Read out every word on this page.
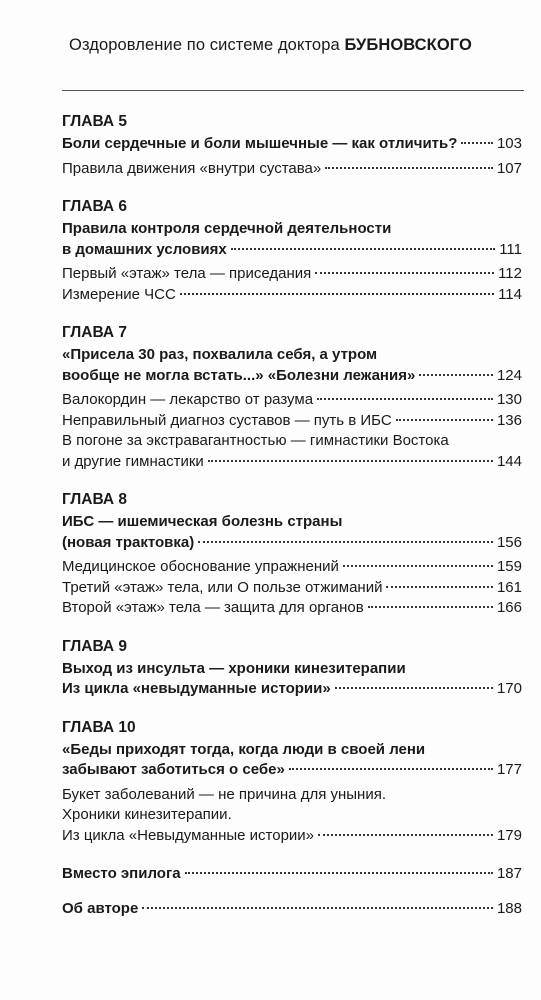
Оздоровление по системе доктора БУБНОВСКОГО
ГЛАВА 5
Боли сердечные и боли мышечные — как отличить?	103
Правила движения «внутри сустава»	107
ГЛАВА 6
Правила контроля сердечной деятельности
в домашних условиях	111
Первый «этаж» тела — приседания	112
Измерение ЧСС	114
ГЛАВА 7
«Присела 30 раз, похвалила себя, а утром
вообще не могла встать...» «Болезни лежания»	124
Валокордин — лекарство от разума	130
Неправильный диагноз суставов — путь в ИБС	136
В погоне за экстравагантностью — гимнастики Востока
и другие гимнастики	144
ГЛАВА 8
ИБС — ишемическая болезнь страны
(новая трактовка)	156
Медицинское обоснование упражнений	159
Третий «этаж» тела, или О пользе отжиманий	161
Второй «этаж» тела — защита для органов	166
ГЛАВА 9
Выход из инсульта — хроники кинезитерапии
Из цикла «невыдуманные истории»	170
ГЛАВА 10
«Беды приходят тогда, когда люди в своей лени
забывают заботиться о себе»	177
Букет заболеваний — не причина для уныния.
Хроники кинезитерапии.
Из цикла «Невыдуманные истории»	179
Вместо эпилога	187
Об авторе	188
